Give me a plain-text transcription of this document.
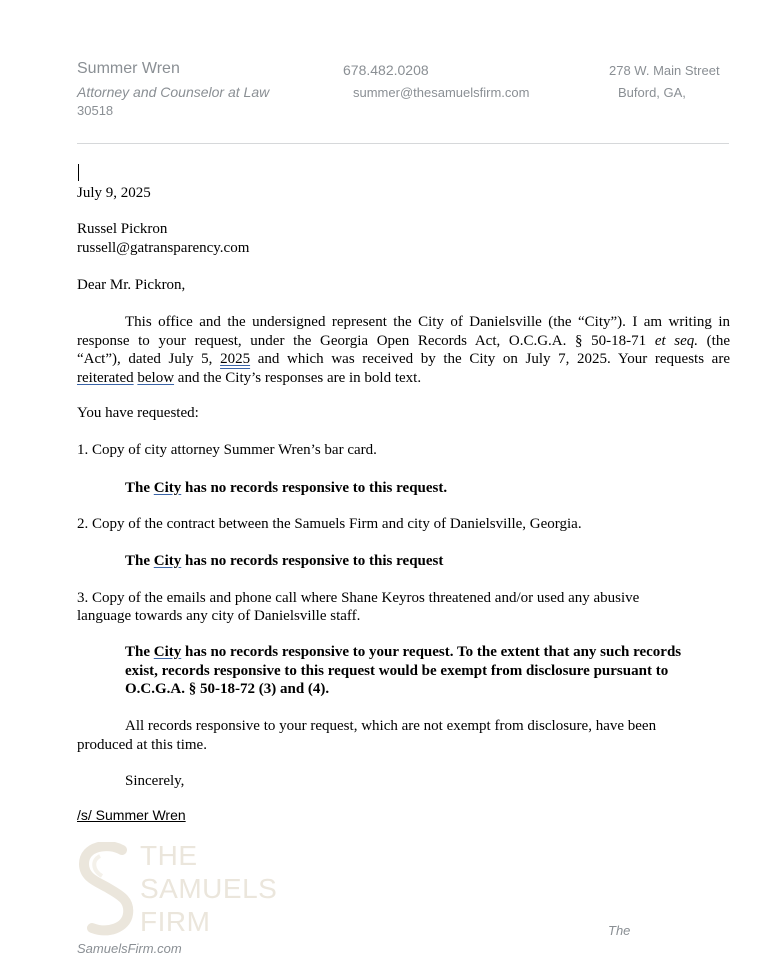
Summer Wren
Attorney and Counselor at Law
678.482.0208
summer@thesamuelsfirm.com
278 W. Main Street
Buford, GA,
30518
July 9, 2025
Russel Pickron
russell@gatransparency.com
Dear Mr. Pickron,
This office and the undersigned represent the City of Danielsville (the “City”). I am writing in
response to your request, under the Georgia Open Records Act, O.C.G.A. § 50-18-71 et seq. (the
“Act”), dated July 5, 2025 and which was received by the City on July 7, 2025. Your requests are
reiterated below and the City’s responses are in bold text.
You have requested:
1. Copy of city attorney Summer Wren’s bar card.
The City has no records responsive to this request.
2. Copy of the contract between the Samuels Firm and city of Danielsville, Georgia.
The City has no records responsive to this request
3. Copy of the emails and phone call where Shane Keyros threatened and/or used any abusive
language towards any city of Danielsville staff.
The City has no records responsive to your request. To the extent that any such records
exist, records responsive to this request would be exempt from disclosure pursuant to
O.C.G.A. § 50-18-72 (3) and (4).
All records responsive to your request, which are not exempt from disclosure, have been
produced at this time.
Sincerely,
/s/ Summer Wren
THE
SAMUELS
FIRM
SamuelsFirm.com
The
